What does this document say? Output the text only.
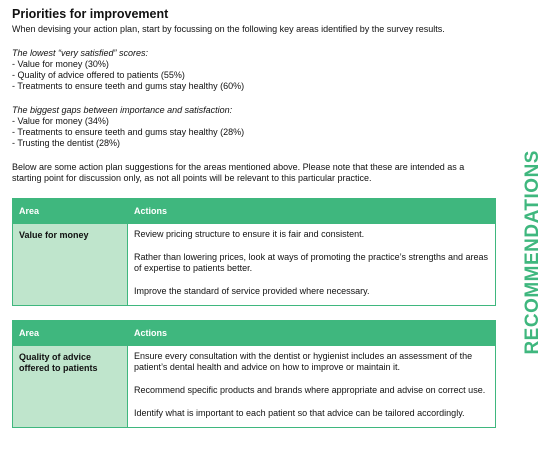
Priorities for improvement

When devising your action plan, start by focussing on the following key areas identified by the survey results.

The lowest “very satisfied” scores:

- Value for money (30%)
- Quality of advice offered to patients (55%)
- Treatments to ensure teeth and gums stay healthy (60%)

The biggest gaps between importance and satisfaction:

- Value for money (34%)
- Treatments to ensure teeth and gums stay healthy (28%)
- Trusting the dentist (28%)

Below are some action plan suggestions for the areas mentioned above. Please note that these are intended as a starting point for discussion only, as not all points will be relevant to this particular practice.

Area	Actions
Value for money	Review pricing structure to ensure it is fair and consistent.

Rather than lowering prices, look at ways of promoting the practice’s strengths and areas of expertise to patients better.

Improve the standard of service provided where necessary.

Area	Actions
Quality of advice offered to patients	Ensure every consultation with the dentist or hygienist includes an assessment of the patient’s dental health and advice on how to improve or maintain it.

Recommend specific products and brands where appropriate and advise on correct use.

Identify what is important to each patient so that advice can be tailored accordingly.

RECOMMENDATIONS
